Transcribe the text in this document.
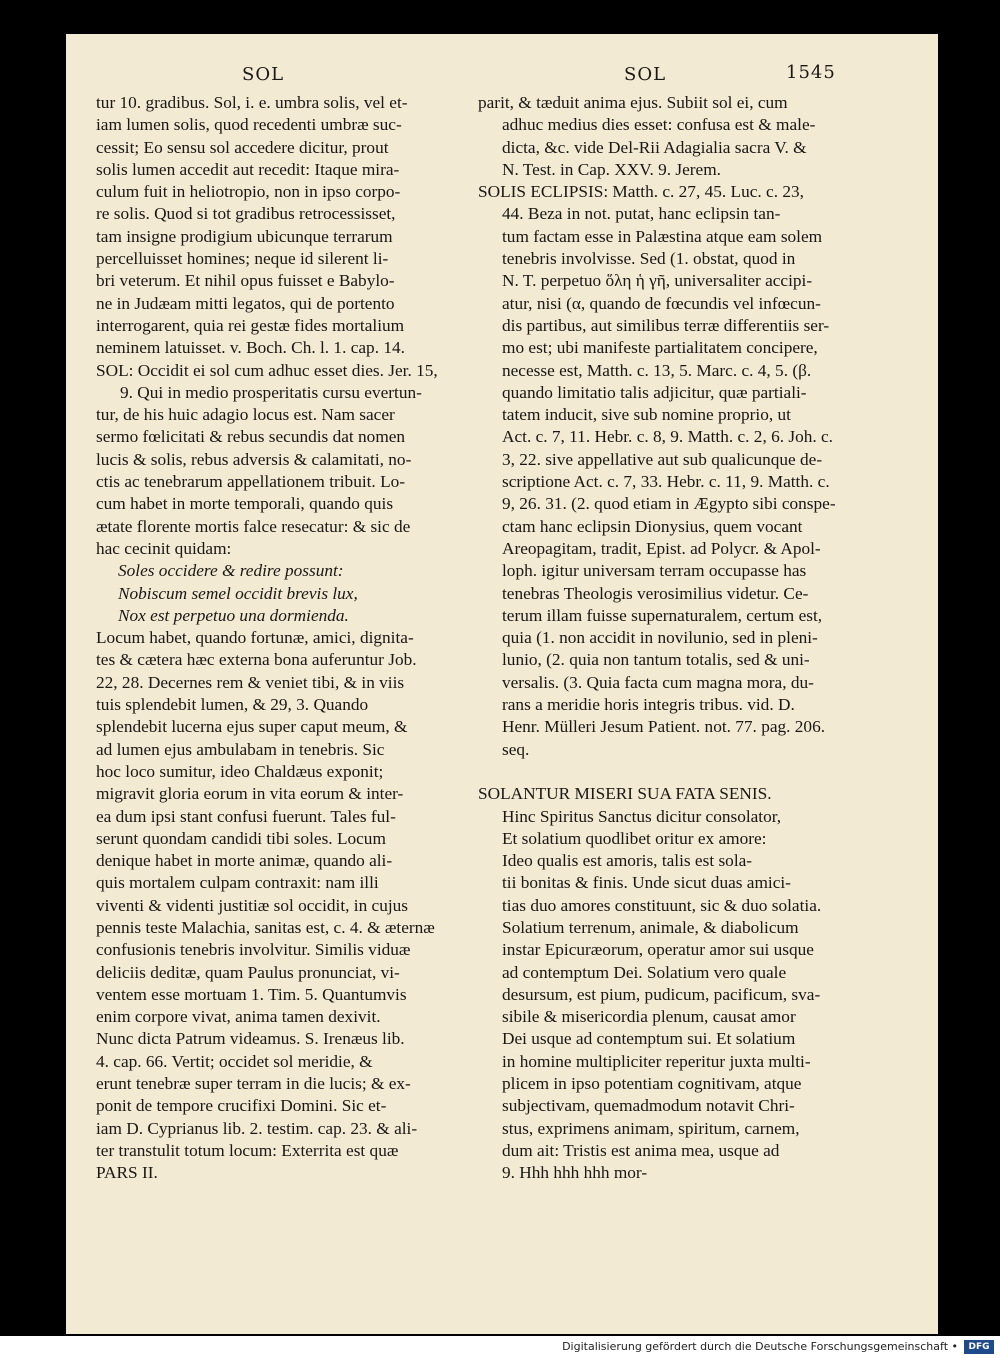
SOL	SOL	1545
tur 10. gradibus. Sol, i. e. umbra solis, vel et-
iam lumen solis, quod recedenti umbræ suc-
cessit; Eo sensu sol accedere dicitur, prout
solis lumen accedit aut recedit: Itaque mira-
culum fuit in heliotropio, non in ipso corpo-
re solis. Quod si tot gradibus retrocessisset,
tam insigne prodigium ubicunque terrarum
percelluisset homines; neque id silerent li-
bri veterum. Et nihil opus fuisset e Babylo-
ne in Judæam mitti legatos, qui de portento
interrogarent, quia rei gestæ fides mortalium
neminem latuisset. v. Boch. Ch. l. 1. cap. 14.
SOL: Occidit ei sol cum adhuc esset dies. Jer. 15,
9. Qui in medio prosperitatis cursu evertun-
tur, de his huic adagio locus est. Nam sacer
sermo fœlicitati & rebus secundis dat nomen
lucis & solis, rebus adversis & calamitati, no-
ctis ac tenebrarum appellationem tribuit. Lo-
cum habet in morte temporali, quando quis
ætate florente mortis falce resecatur: & sic de
hac cecinit quidam:
Soles occidere & redire possunt:
Nobiscum semel occidit brevis lux,
Nox est perpetuo una dormienda.
Locum habet, quando fortunæ, amici, dignita-
tes & cætera hæc externa bona auferuntur Job.
22, 28. Decernes rem & veniet tibi, & in viis
tuis splendebit lumen, & 29, 3. Quando
splendebit lucerna ejus super caput meum, &
ad lumen ejus ambulabam in tenebris. Sic
hoc loco sumitur, ideo Chaldæus exponit;
migravit gloria eorum in vita eorum & inter-
ea dum ipsi stant confusi fuerunt. Tales ful-
serunt quondam candidi tibi soles. Locum
denique habet in morte animæ, quando ali-
quis mortalem culpam contraxit: nam illi
viventi & videnti justitiæ sol occidit, in cujus
pennis teste Malachia, sanitas est, c. 4. & æternæ
confusionis tenebris involvitur. Similis viduæ
deliciis deditæ, quam Paulus pronunciat, vi-
ventem esse mortuam 1. Tim. 5. Quantumvis
enim corpore vivat, anima tamen dexivit.
Nunc dicta Patrum videamus. S. Irenæus lib.
4. cap. 66. Vertit; occidet sol meridie, &
erunt tenebræ super terram in die lucis; & ex-
ponit de tempore crucifixi Domini. Sic et-
iam D. Cyprianus lib. 2. testim. cap. 23. & ali-
ter transtulit totum locum: Exterrita est quæ
PARS II.
parit, & tæduit anima ejus. Subiit sol ei, cum
adhuc medius dies esset: confusa est & male-
dicta, &c. vide Del-Rii Adagialia sacra V. &
N. Test. in Cap. XXV. 9. Jerem.
SOLIS ECLIPSIS: Matth. c. 27, 45. Luc. c. 23,
44. Beza in not. putat, hanc eclipsin tan-
tum factam esse in Palæstina atque eam solem
tenebris involvisse. Sed (1. obstat, quod in
N. T. perpetuo ὅλη ἡ γῆ, universaliter accipi-
atur, nisi (α, quando de fœcundis vel infœcun-
dis partibus, aut similibus terræ differentiis ser-
mo est; ubi manifeste partialitatem concipere,
necesse est, Matth. c. 13, 5. Marc. c. 4, 5. (β.
quando limitatio talis adjicitur, quæ partiali-
tatem inducit, sive sub nomine proprio, ut
Act. c. 7, 11. Hebr. c. 8, 9. Matth. c. 2, 6. Joh. c.
3, 22. sive appellative aut sub qualicunque de-
scriptione Act. c. 7, 33. Hebr. c. 11, 9. Matth. c.
9, 26. 31. (2. quod etiam in Ægypto sibi conspe-
ctam hanc eclipsin Dionysius, quem vocant
Areopagitam, tradit, Epist. ad Polycr. & Apol-
loph. igitur universam terram occupasse has
tenebras Theologis verosimilius videtur. Ce-
terum illam fuisse supernaturalem, certum est,
quia (1. non accidit in novilunio, sed in pleni-
lunio, (2. quia non tantum totalis, sed & uni-
versalis. (3. Quia facta cum magna mora, du-
rans a meridie horis integris tribus. vid. D.
Henr. Mülleri Jesum Patient. not. 77. pag. 206.
seq.
SOLANTUR MISERI SUA FATA SENIS.
Hinc Spiritus Sanctus dicitur consolator,
Et solatium quodlibet oritur ex amore:
Ideo qualis est amoris, talis est sola-
tii bonitas & finis. Unde sicut duas amici-
tias duo amores constituunt, sic & duo solatia.
Solatium terrenum, animale, & diabolicum
instar Epicuræorum, operatur amor sui usque
ad contemptum Dei. Solatium vero quale
desursum, est pium, pudicum, pacificum, sva-
sibile & misericordia plenum, causat amor
Dei usque ad contemptum sui. Et solatium
in homine multipliciter reperitur juxta multi-
plicem in ipso potentiam cognitivam, atque
subjectivam, quemadmodum notavit Chri-
stus, exprimens animam, spiritum, carnem,
dum ait: Tristis est anima mea, usque ad
9. Hhh hhh hhh mor-
Digitalisierung gefördert durch die Deutsche Forschungsgemeinschaft •	DFG
